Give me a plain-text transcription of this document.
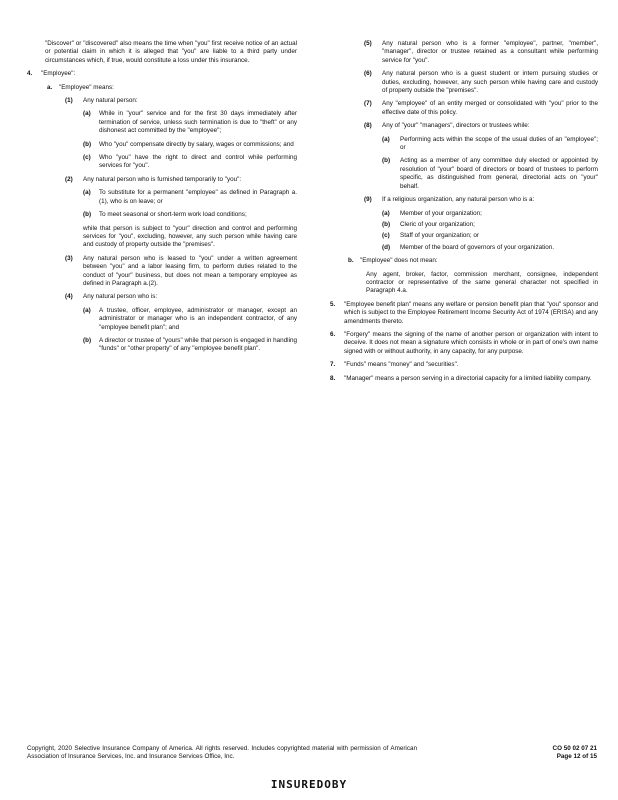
"Discover" or "discovered" also means the time when "you" first receive notice of an actual or potential claim in which it is alleged that "you" are liable to a third party under circumstances which, if true, would constitute a loss under this insurance.

4. "Employee":

a. "Employee" means:

(1) Any natural person:

(a) While in "your" service and for the first 30 days immediately after termination of service, unless such termination is due to "theft" or any dishonest act committed by the "employee";

(b) Who "you" compensate directly by salary, wages or commissions; and

(c) Who "you" have the right to direct and control while performing services for "you".

(2) Any natural person who is furnished temporarily to "you":

(a) To substitute for a permanent "employee" as defined in Paragraph a.(1), who is on leave; or

(b) To meet seasonal or short-term work load conditions;

while that person is subject to "your" direction and control and performing services for "you", excluding, however, any such person while having care and custody of property outside the "premises".

(3) Any natural person who is leased to "you" under a written agreement between "you" and a labor leasing firm, to perform duties related to the conduct of "your" business, but does not mean a temporary employee as defined in Paragraph a.(2).

(4) Any natural person who is:

(a) A trustee, officer, employee, administrator or manager, except an administrator or manager who is an independent contractor, of any "employee benefit plan"; and

(b) A director or trustee of "yours" while that person is engaged in handling "funds" or "other property" of any "employee benefit plan".

(5) Any natural person who is a former "employee", partner, "member", "manager", director or trustee retained as a consultant while performing service for "you".

(6) Any natural person who is a guest student or intern pursuing studies or duties, excluding, however, any such person while having care and custody of property outside the "premises".

(7) Any "employee" of an entity merged or consolidated with "you" prior to the effective date of this policy.

(8) Any of "your" "managers", directors or trustees while:

(a) Performing acts within the scope of the usual duties of an "employee"; or

(b) Acting as a member of any committee duly elected or appointed by resolution of "your" board of directors or board of trustees to perform specific, as distinguished from general, directorial acts on "your" behalf.

(9) If a religious organization, any natural person who is a:

(a) Member of your organization;

(b) Cleric of your organization;

(c) Staff of your organization; or

(d) Member of the board of governors of your organization.

b. "Employee" does not mean:

Any agent, broker, factor, commission merchant, consignee, independent contractor or representative of the same general character not specified in Paragraph 4.a.

5. "Employee benefit plan" means any welfare or pension benefit plan that "you" sponsor and which is subject to the Employee Retirement Income Security Act of 1974 (ERISA) and any amendments thereto.

6. "Forgery" means the signing of the name of another person or organization with intent to deceive. It does not mean a signature which consists in whole or in part of one's own name signed with or without authority, in any capacity, for any purpose.

7. "Funds" means "money" and "securities".

8. "Manager" means a person serving in a directorial capacity for a limited liability company.

Copyright, 2020 Selective Insurance Company of America. All rights reserved. Includes copyrighted material with permission of American Association of Insurance Services, Inc. and Insurance Services Office, Inc.

CO 50 02 07 21
Page 12 of 15
INSUREDOBY
